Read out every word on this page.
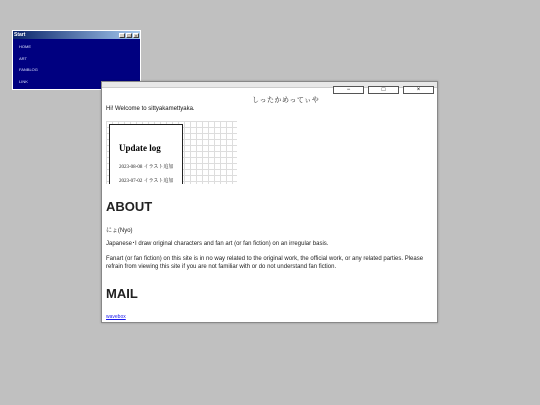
Start	_	□	×
HOME
ART
FANBLOG
LINK
−	□	×
しったかめってぃや
Hi! Welcome to sittyakamettyaka.
Update log
2023-08-08 イラスト追加
2023-07-02 イラスト追加
ABOUT
にょ(Nyo)
Japanese･I draw original characters and fan art (or fan fiction) on an irregular basis.
Fanart (or fan fiction) on this site is in no way related to the original work, the official work, or any related parties. Please refrain from viewing this site if you are not familiar with or do not understand fan fiction.
MAIL
wavebox
